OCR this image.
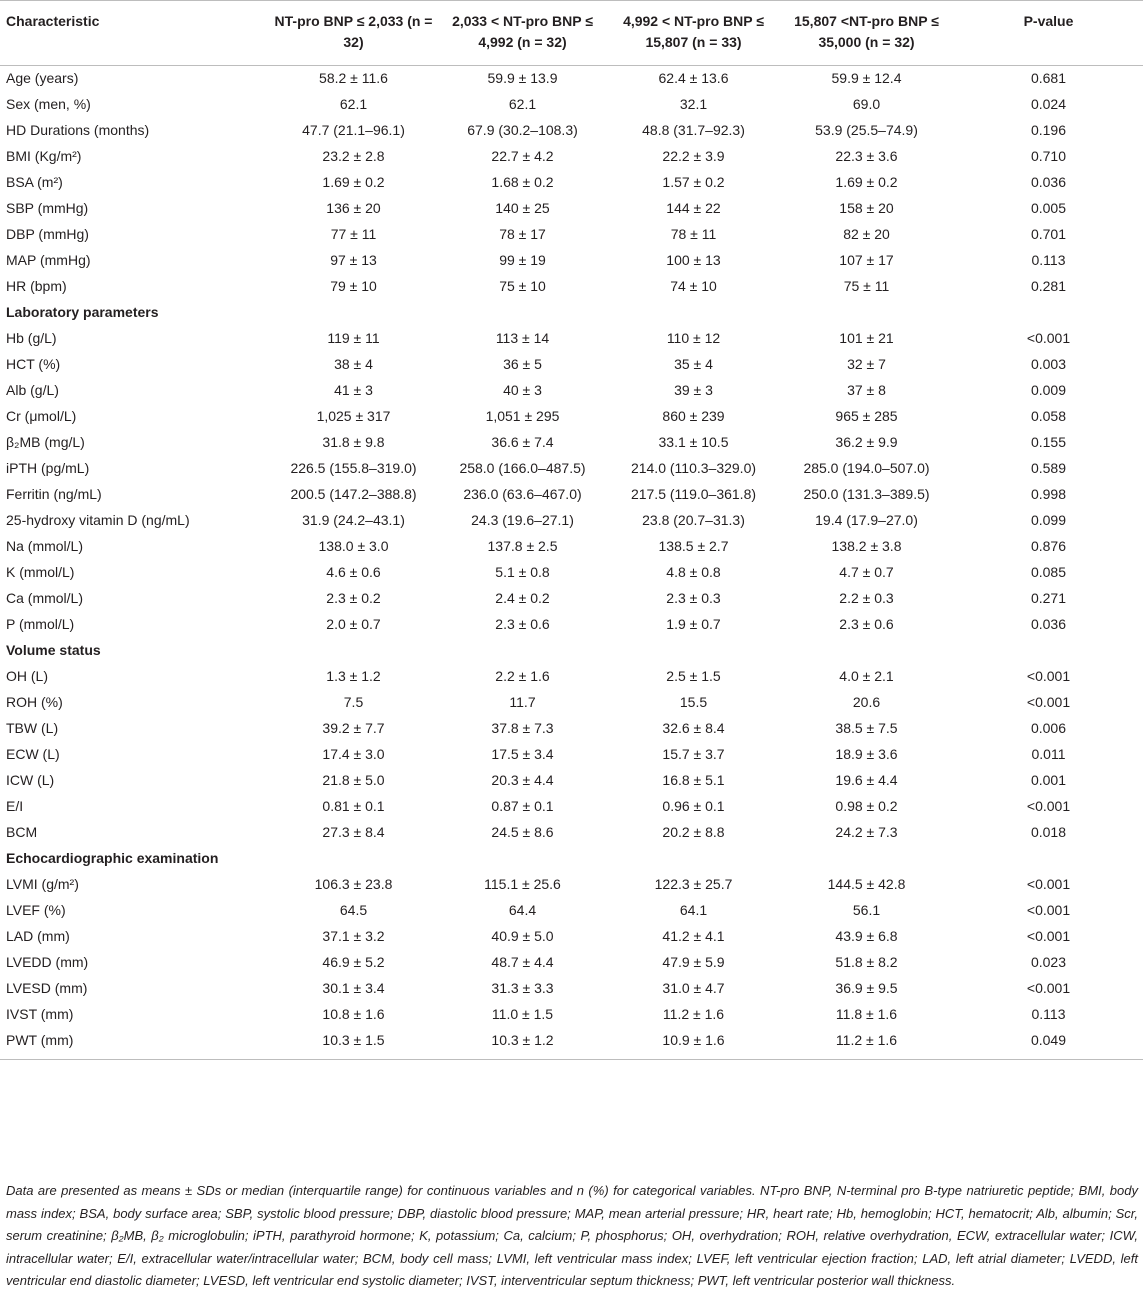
Characteristic	NT-pro BNP ≤ 2,033 (n = 32)	2,033 < NT-pro BNP ≤ 4,992 (n = 32)	4,992 < NT-pro BNP ≤ 15,807 (n = 33)	15,807 <NT-pro BNP ≤ 35,000 (n = 32)	P-value
Age (years)	58.2 ± 11.6	59.9 ± 13.9	62.4 ± 13.6	59.9 ± 12.4	0.681
Sex (men, %)	62.1	62.1	32.1	69.0	0.024
HD Durations (months)	47.7 (21.1–96.1)	67.9 (30.2–108.3)	48.8 (31.7–92.3)	53.9 (25.5–74.9)	0.196
BMI (Kg/m²)	23.2 ± 2.8	22.7 ± 4.2	22.2 ± 3.9	22.3 ± 3.6	0.710
BSA (m²)	1.69 ± 0.2	1.68 ± 0.2	1.57 ± 0.2	1.69 ± 0.2	0.036
SBP (mmHg)	136 ± 20	140 ± 25	144 ± 22	158 ± 20	0.005
DBP (mmHg)	77 ± 11	78 ± 17	78 ± 11	82 ± 20	0.701
MAP (mmHg)	97 ± 13	99 ± 19	100 ± 13	107 ± 17	0.113
HR (bpm)	79 ± 10	75 ± 10	74 ± 10	75 ± 11	0.281
Laboratory parameters					
Hb (g/L)	119 ± 11	113 ± 14	110 ± 12	101 ± 21	<0.001
HCT (%)	38 ± 4	36 ± 5	35 ± 4	32 ± 7	0.003
Alb (g/L)	41 ± 3	40 ± 3	39 ± 3	37 ± 8	0.009
Cr (μmol/L)	1,025 ± 317	1,051 ± 295	860 ± 239	965 ± 285	0.058
β₂MB (mg/L)	31.8 ± 9.8	36.6 ± 7.4	33.1 ± 10.5	36.2 ± 9.9	0.155
iPTH (pg/mL)	226.5 (155.8–319.0)	258.0 (166.0–487.5)	214.0 (110.3–329.0)	285.0 (194.0–507.0)	0.589
Ferritin (ng/mL)	200.5 (147.2–388.8)	236.0 (63.6–467.0)	217.5 (119.0–361.8)	250.0 (131.3–389.5)	0.998
25-hydroxy vitamin D (ng/mL)	31.9 (24.2–43.1)	24.3 (19.6–27.1)	23.8 (20.7–31.3)	19.4 (17.9–27.0)	0.099
Na (mmol/L)	138.0 ± 3.0	137.8 ± 2.5	138.5 ± 2.7	138.2 ± 3.8	0.876
K (mmol/L)	4.6 ± 0.6	5.1 ± 0.8	4.8 ± 0.8	4.7 ± 0.7	0.085
Ca (mmol/L)	2.3 ± 0.2	2.4 ± 0.2	2.3 ± 0.3	2.2 ± 0.3	0.271
P (mmol/L)	2.0 ± 0.7	2.3 ± 0.6	1.9 ± 0.7	2.3 ± 0.6	0.036
Volume status					
OH (L)	1.3 ± 1.2	2.2 ± 1.6	2.5 ± 1.5	4.0 ± 2.1	<0.001
ROH (%)	7.5	11.7	15.5	20.6	<0.001
TBW (L)	39.2 ± 7.7	37.8 ± 7.3	32.6 ± 8.4	38.5 ± 7.5	0.006
ECW (L)	17.4 ± 3.0	17.5 ± 3.4	15.7 ± 3.7	18.9 ± 3.6	0.011
ICW (L)	21.8 ± 5.0	20.3 ± 4.4	16.8 ± 5.1	19.6 ± 4.4	0.001
E/I	0.81 ± 0.1	0.87 ± 0.1	0.96 ± 0.1	0.98 ± 0.2	<0.001
BCM	27.3 ± 8.4	24.5 ± 8.6	20.2 ± 8.8	24.2 ± 7.3	0.018
Echocardiographic examination					
LVMI (g/m²)	106.3 ± 23.8	115.1 ± 25.6	122.3 ± 25.7	144.5 ± 42.8	<0.001
LVEF (%)	64.5	64.4	64.1	56.1	<0.001
LAD (mm)	37.1 ± 3.2	40.9 ± 5.0	41.2 ± 4.1	43.9 ± 6.8	<0.001
LVEDD (mm)	46.9 ± 5.2	48.7 ± 4.4	47.9 ± 5.9	51.8 ± 8.2	0.023
LVESD (mm)	30.1 ± 3.4	31.3 ± 3.3	31.0 ± 4.7	36.9 ± 9.5	<0.001
IVST (mm)	10.8 ± 1.6	11.0 ± 1.5	11.2 ± 1.6	11.8 ± 1.6	0.113
PWT (mm)	10.3 ± 1.5	10.3 ± 1.2	10.9 ± 1.6	11.2 ± 1.6	0.049
Data are presented as means ± SDs or median (interquartile range) for continuous variables and n (%) for categorical variables. NT-pro BNP, N-terminal pro B-type natriuretic peptide; BMI, body mass index; BSA, body surface area; SBP, systolic blood pressure; DBP, diastolic blood pressure; MAP, mean arterial pressure; HR, heart rate; Hb, hemoglobin; HCT, hematocrit; Alb, albumin; Scr, serum creatinine; β₂MB, β₂ microglobulin; iPTH, parathyroid hormone; K, potassium; Ca, calcium; P, phosphorus; OH, overhydration; ROH, relative overhydration, ECW, extracellular water; ICW, intracellular water; E/I, extracellular water/intracellular water; BCM, body cell mass; LVMI, left ventricular mass index; LVEF, left ventricular ejection fraction; LAD, left atrial diameter; LVEDD, left ventricular end diastolic diameter; LVESD, left ventricular end systolic diameter; IVST, interventricular septum thickness; PWT, left ventricular posterior wall thickness.
